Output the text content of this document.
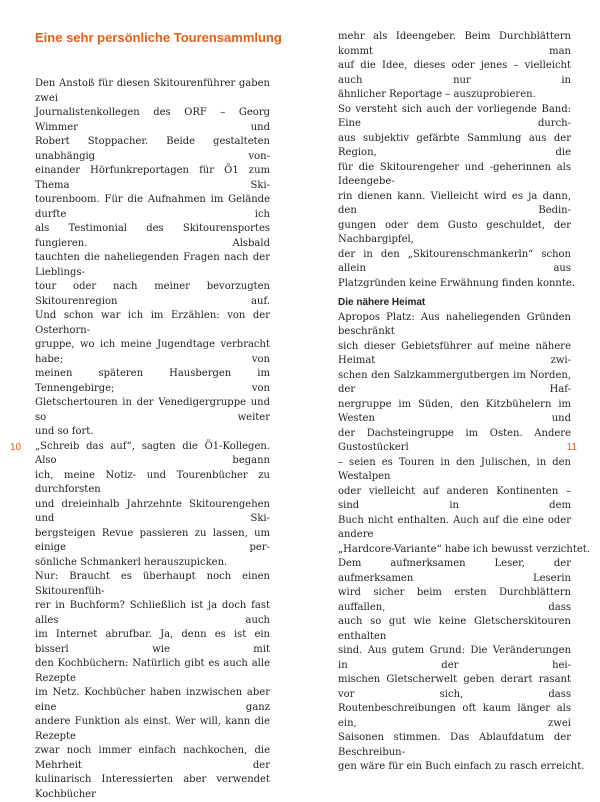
Eine sehr persönliche Tourensammlung
Den Anstoß für diesen Skitourenführer gaben zwei
Journalistenkollegen des ORF – Georg Wimmer und
Robert Stoppacher. Beide gestalteten unabhängig von-
einander Hörfunkreportagen für Ö1 zum Thema Ski-
tourenboom. Für die Aufnahmen im Gelände durfte ich
als Testimonial des Skitourensportes fungieren. Alsbald
tauchten die naheliegenden Fragen nach der Lieblings-
tour oder nach meiner bevorzugten Skitourenregion auf.
Und schon war ich im Erzählen: von der Osterhorn-
gruppe, wo ich meine Jugendtage verbracht habe; von
meinen späteren Hausbergen im Tennengebirge; von
Gletschertouren in der Venedigergruppe und so weiter
und so fort.
„Schreib das auf“, sagten die Ö1-Kollegen. Also begann
ich, meine Notiz- und Tourenbücher zu durchforsten
und dreieinhalb Jahrzehnte Skitourengehen und Ski-
bergsteigen Revue passieren zu lassen, um einige per-
sönliche Schmankerl herauszupicken.
Nur: Braucht es überhaupt noch einen Skitourenfüh-
rer in Buchform? Schließlich ist ja doch fast alles auch
im Internet abrufbar. Ja, denn es ist ein bisserl wie mit
den Kochbüchern: Natürlich gibt es auch alle Rezepte
im Netz. Kochbücher haben inzwischen aber eine ganz
andere Funktion als einst. Wer will, kann die Rezepte
zwar noch immer einfach nachkochen, die Mehrheit der
kulinarisch Interessierten aber verwendet Kochbücher
10
mehr als Ideengeber. Beim Durchblättern kommt man
auf die Idee, dieses oder jenes – vielleicht auch nur in
ähnlicher Reportage – auszuprobieren.
So versteht sich auch der vorliegende Band: Eine durch-
aus subjektiv gefärbte Sammlung aus der Region, die
für die Skitourengeher und -geherinnen als Ideengebe-
rin dienen kann. Vielleicht wird es ja dann, den Bedin-
gungen oder dem Gusto geschuldet, der Nachbargipfel,
der in den „Skitourenschmankerln“ schon allein aus
Platzgründen keine Erwähnung finden konnte.
Die nähere Heimat
Apropos Platz: Aus naheliegenden Gründen beschränkt
sich dieser Gebietsführer auf meine nähere Heimat zwi-
schen den Salzkammergutbergen im Norden, der Haf-
nergruppe im Süden, den Kitzbühelern im Westen und
der Dachsteingruppe im Osten. Andere Gustostückerl
– seien es Touren in den Julischen, in den Westalpen
oder vielleicht auf anderen Kontinenten – sind in dem
Buch nicht enthalten. Auch auf die eine oder andere
„Hardcore-Variante“ habe ich bewusst verzichtet.
Dem aufmerksamen Leser, der aufmerksamen Leserin
wird sicher beim ersten Durchblättern auffallen, dass
auch so gut wie keine Gletscherskitouren enthalten
sind. Aus gutem Grund: Die Veränderungen in der hei-
mischen Gletscherwelt geben derart rasant vor sich, dass
Routenbeschreibungen oft kaum länger als ein, zwei
Saisonen stimmen. Das Ablaufdatum der Beschreibun-
gen wäre für ein Buch einfach zu rasch erreicht.
11
